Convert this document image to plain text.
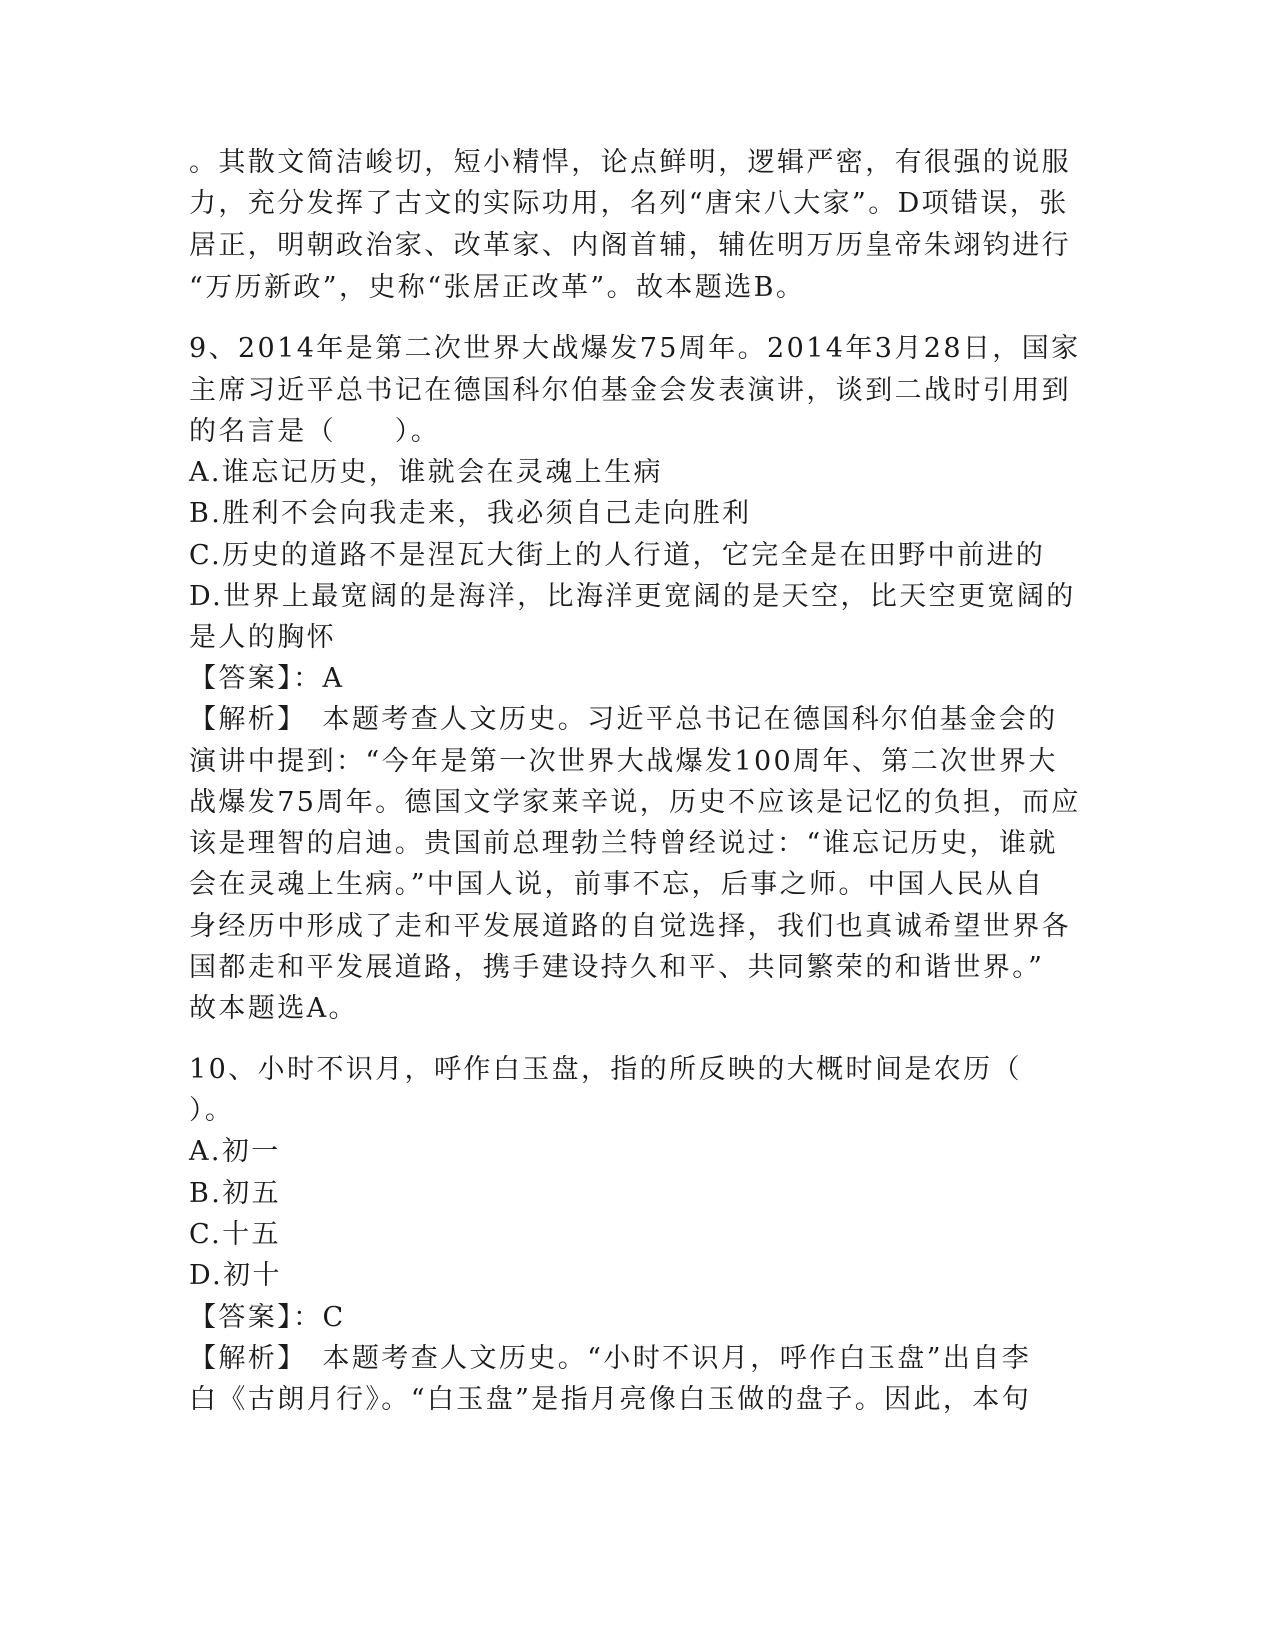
。其散文简洁峻切，短小精悍，论点鲜明，逻辑严密，有很强的说服
力，充分发挥了古文的实际功用，名列“唐宋八大家”。D项错误，张
居正，明朝政治家、改革家、内阁首辅，辅佐明万历皇帝朱翊钧进行
“万历新政”，史称“张居正改革”。故本题选B。
9、2014年是第二次世界大战爆发75周年。2014年3月28日，国家
主席习近平总书记在德国科尔伯基金会发表演讲，谈到二战时引用到
的名言是（　　）。
A.谁忘记历史，谁就会在灵魂上生病
B.胜利不会向我走来，我必须自己走向胜利
C.历史的道路不是涅瓦大街上的人行道，它完全是在田野中前进的
D.世界上最宽阔的是海洋，比海洋更宽阔的是天空，比天空更宽阔的
是人的胸怀
【答案】：A
【解析】　本题考查人文历史。习近平总书记在德国科尔伯基金会的
演讲中提到：“今年是第一次世界大战爆发100周年、第二次世界大
战爆发75周年。德国文学家莱辛说，历史不应该是记忆的负担，而应
该是理智的启迪。贵国前总理勃兰特曾经说过：“谁忘记历史，谁就
会在灵魂上生病。”中国人说，前事不忘，后事之师。中国人民从自
身经历中形成了走和平发展道路的自觉选择，我们也真诚希望世界各
国都走和平发展道路，携手建设持久和平、共同繁荣的和谐世界。”
故本题选A。
10、小时不识月，呼作白玉盘，指的所反映的大概时间是农历（
）。
A.初一
B.初五
C.十五
D.初十
【答案】：C
【解析】　本题考查人文历史。“小时不识月，呼作白玉盘”出自李
白《古朗月行》。“白玉盘”是指月亮像白玉做的盘子。因此，本句
